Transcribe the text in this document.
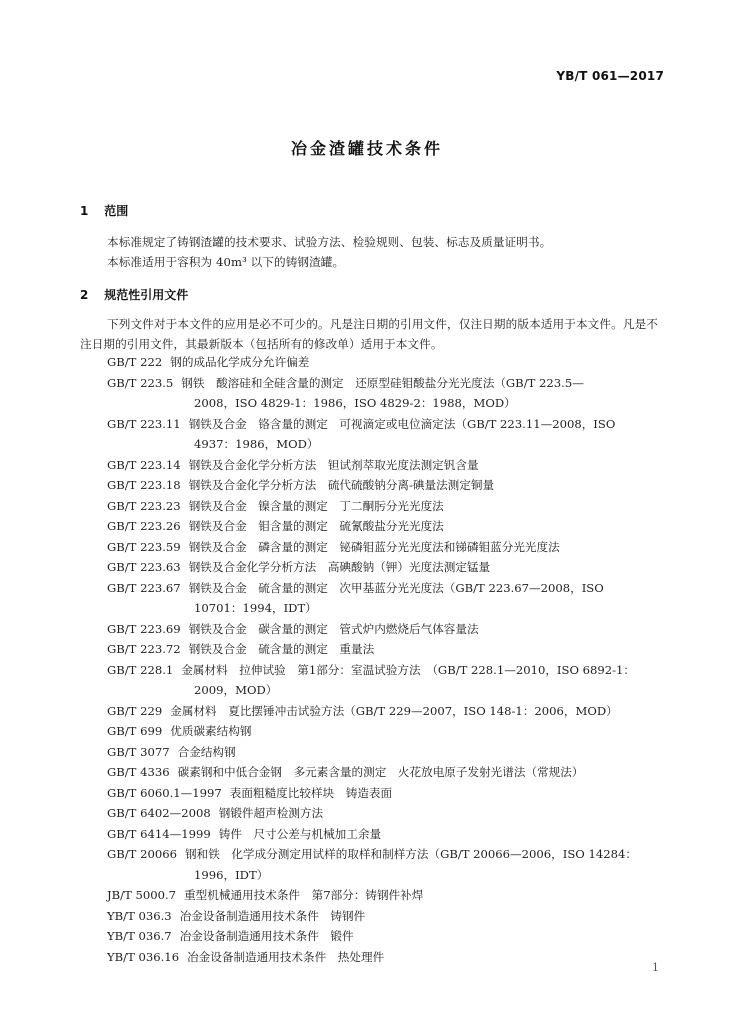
YB/T 061—2017
冶金渣罐技术条件
1 范围
本标准规定了铸钢渣罐的技术要求、试验方法、检验规则、包装、标志及质量证明书。
本标准适用于容积为 40m³ 以下的铸钢渣罐。
2 规范性引用文件
下列文件对于本文件的应用是必不可少的。凡是注日期的引用文件，仅注日期的版本适用于本文件。凡是不注日期的引用文件，其最新版本（包括所有的修改单）适用于本文件。
GB/T 222 钢的成品化学成分允许偏差
GB/T 223.5 钢铁　酸溶硅和全硅含量的测定　还原型硅钼酸盐分光光度法（GB/T 223.5—
2008，ISO 4829-1：1986，ISO 4829-2：1988，MOD）
GB/T 223.11 钢铁及合金　铬含量的测定　可视滴定或电位滴定法（GB/T 223.11—2008，ISO
4937：1986，MOD）
GB/T 223.14 钢铁及合金化学分析方法　钽试剂萃取光度法测定钒含量
GB/T 223.18 钢铁及合金化学分析方法　硫代硫酸钠分离-碘量法测定铜量
GB/T 223.23 钢铁及合金　镍含量的测定　丁二酮肟分光光度法
GB/T 223.26 钢铁及合金　钼含量的测定　硫氰酸盐分光光度法
GB/T 223.59 钢铁及合金　磷含量的测定　铋磷钼蓝分光光度法和锑磷钼蓝分光光度法
GB/T 223.63 钢铁及合金化学分析方法　高碘酸钠（钾）光度法测定锰量
GB/T 223.67 钢铁及合金　硫含量的测定　次甲基蓝分光光度法（GB/T 223.67—2008，ISO
10701：1994，IDT）
GB/T 223.69 钢铁及合金　碳含量的测定　管式炉内燃烧后气体容量法
GB/T 223.72 钢铁及合金　硫含量的测定　重量法
GB/T 228.1 金属材料　拉伸试验　第1部分：室温试验方法　（GB/T 228.1—2010，ISO 6892-1：
2009，MOD）
GB/T 229 金属材料　夏比摆锤冲击试验方法（GB/T 229—2007，ISO 148-1：2006，MOD）
GB/T 699 优质碳素结构钢
GB/T 3077 合金结构钢
GB/T 4336 碳素钢和中低合金钢　多元素含量的测定　火花放电原子发射光谱法（常规法）
GB/T 6060.1—1997 表面粗糙度比较样块　铸造表面
GB/T 6402—2008 钢锻件超声检测方法
GB/T 6414—1999 铸件　尺寸公差与机械加工余量
GB/T 20066 钢和铁　化学成分测定用试样的取样和制样方法（GB/T 20066—2006，ISO 14284：
1996，IDT）
JB/T 5000.7 重型机械通用技术条件　第7部分：铸钢件补焊
YB/T 036.3 冶金设备制造通用技术条件　铸钢件
YB/T 036.7 冶金设备制造通用技术条件　锻件
YB/T 036.16 冶金设备制造通用技术条件　热处理件
1
